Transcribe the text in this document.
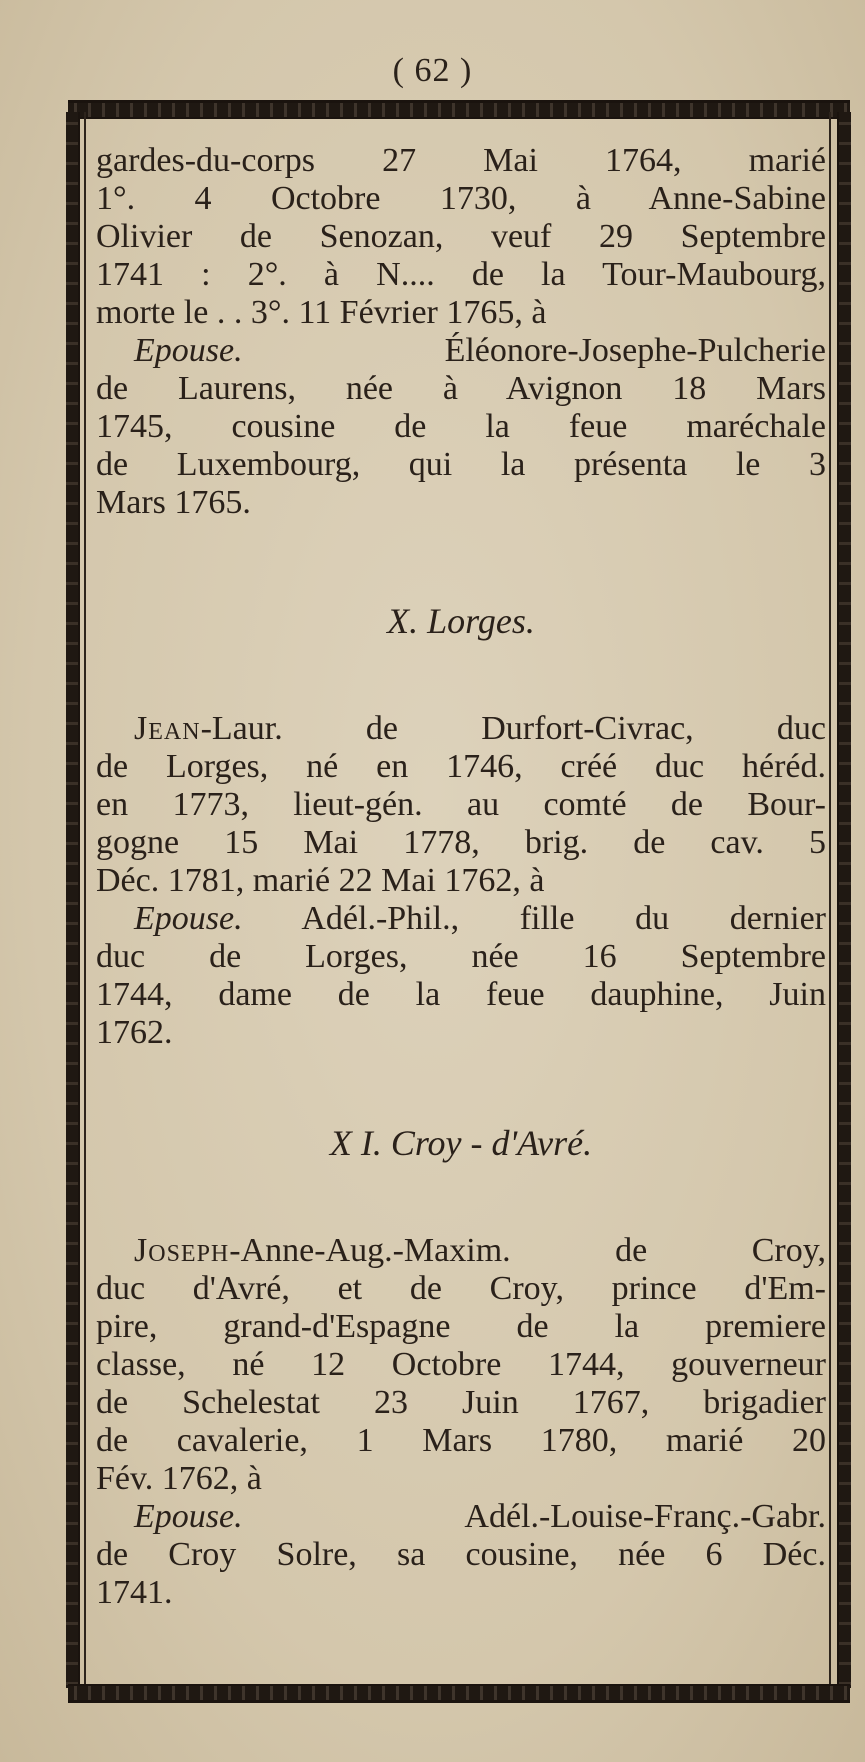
( 62 )
gardes-du-corps 27 Mai 1764, marié
1°. 4 Octobre 1730, à Anne-Sabine
Olivier de Senozan, veuf 29 Septembre
1741 : 2°. à N.... de la Tour-Maubourg,
morte le . . 3°. 11 Février 1765, à
Epouse.	Éléonore-Josephe-Pulcherie
de Laurens, née à Avignon 18 Mars
1745, cousine de la feue maréchale
de Luxembourg, qui la présenta le 3
Mars 1765.
X. Lorges.
Jean-Laur. de Durfort-Civrac, duc
de Lorges, né en 1746, créé duc héréd.
en 1773, lieut-gén. au comté de Bour-
gogne 15 Mai 1778, brig. de cav. 5
Déc. 1781, marié 22 Mai 1762, à
Epouse. Adél.-Phil., fille du dernier
duc de Lorges, née 16 Septembre
1744, dame de la feue dauphine, Juin
1762.
X I. Croy - d'Avré.
Joseph-Anne-Aug.-Maxim. de Croy,
duc d'Avré, et de Croy, prince d'Em-
pire, grand-d'Espagne de la premiere
classe, né 12 Octobre 1744, gouverneur
de Schelestat 23 Juin 1767, brigadier
de cavalerie, 1 Mars 1780, marié 20
Fév. 1762, à
Epouse.	Adél.-Louise-Franç.-Gabr.
de Croy Solre, sa cousine, née 6 Déc.
1741.
